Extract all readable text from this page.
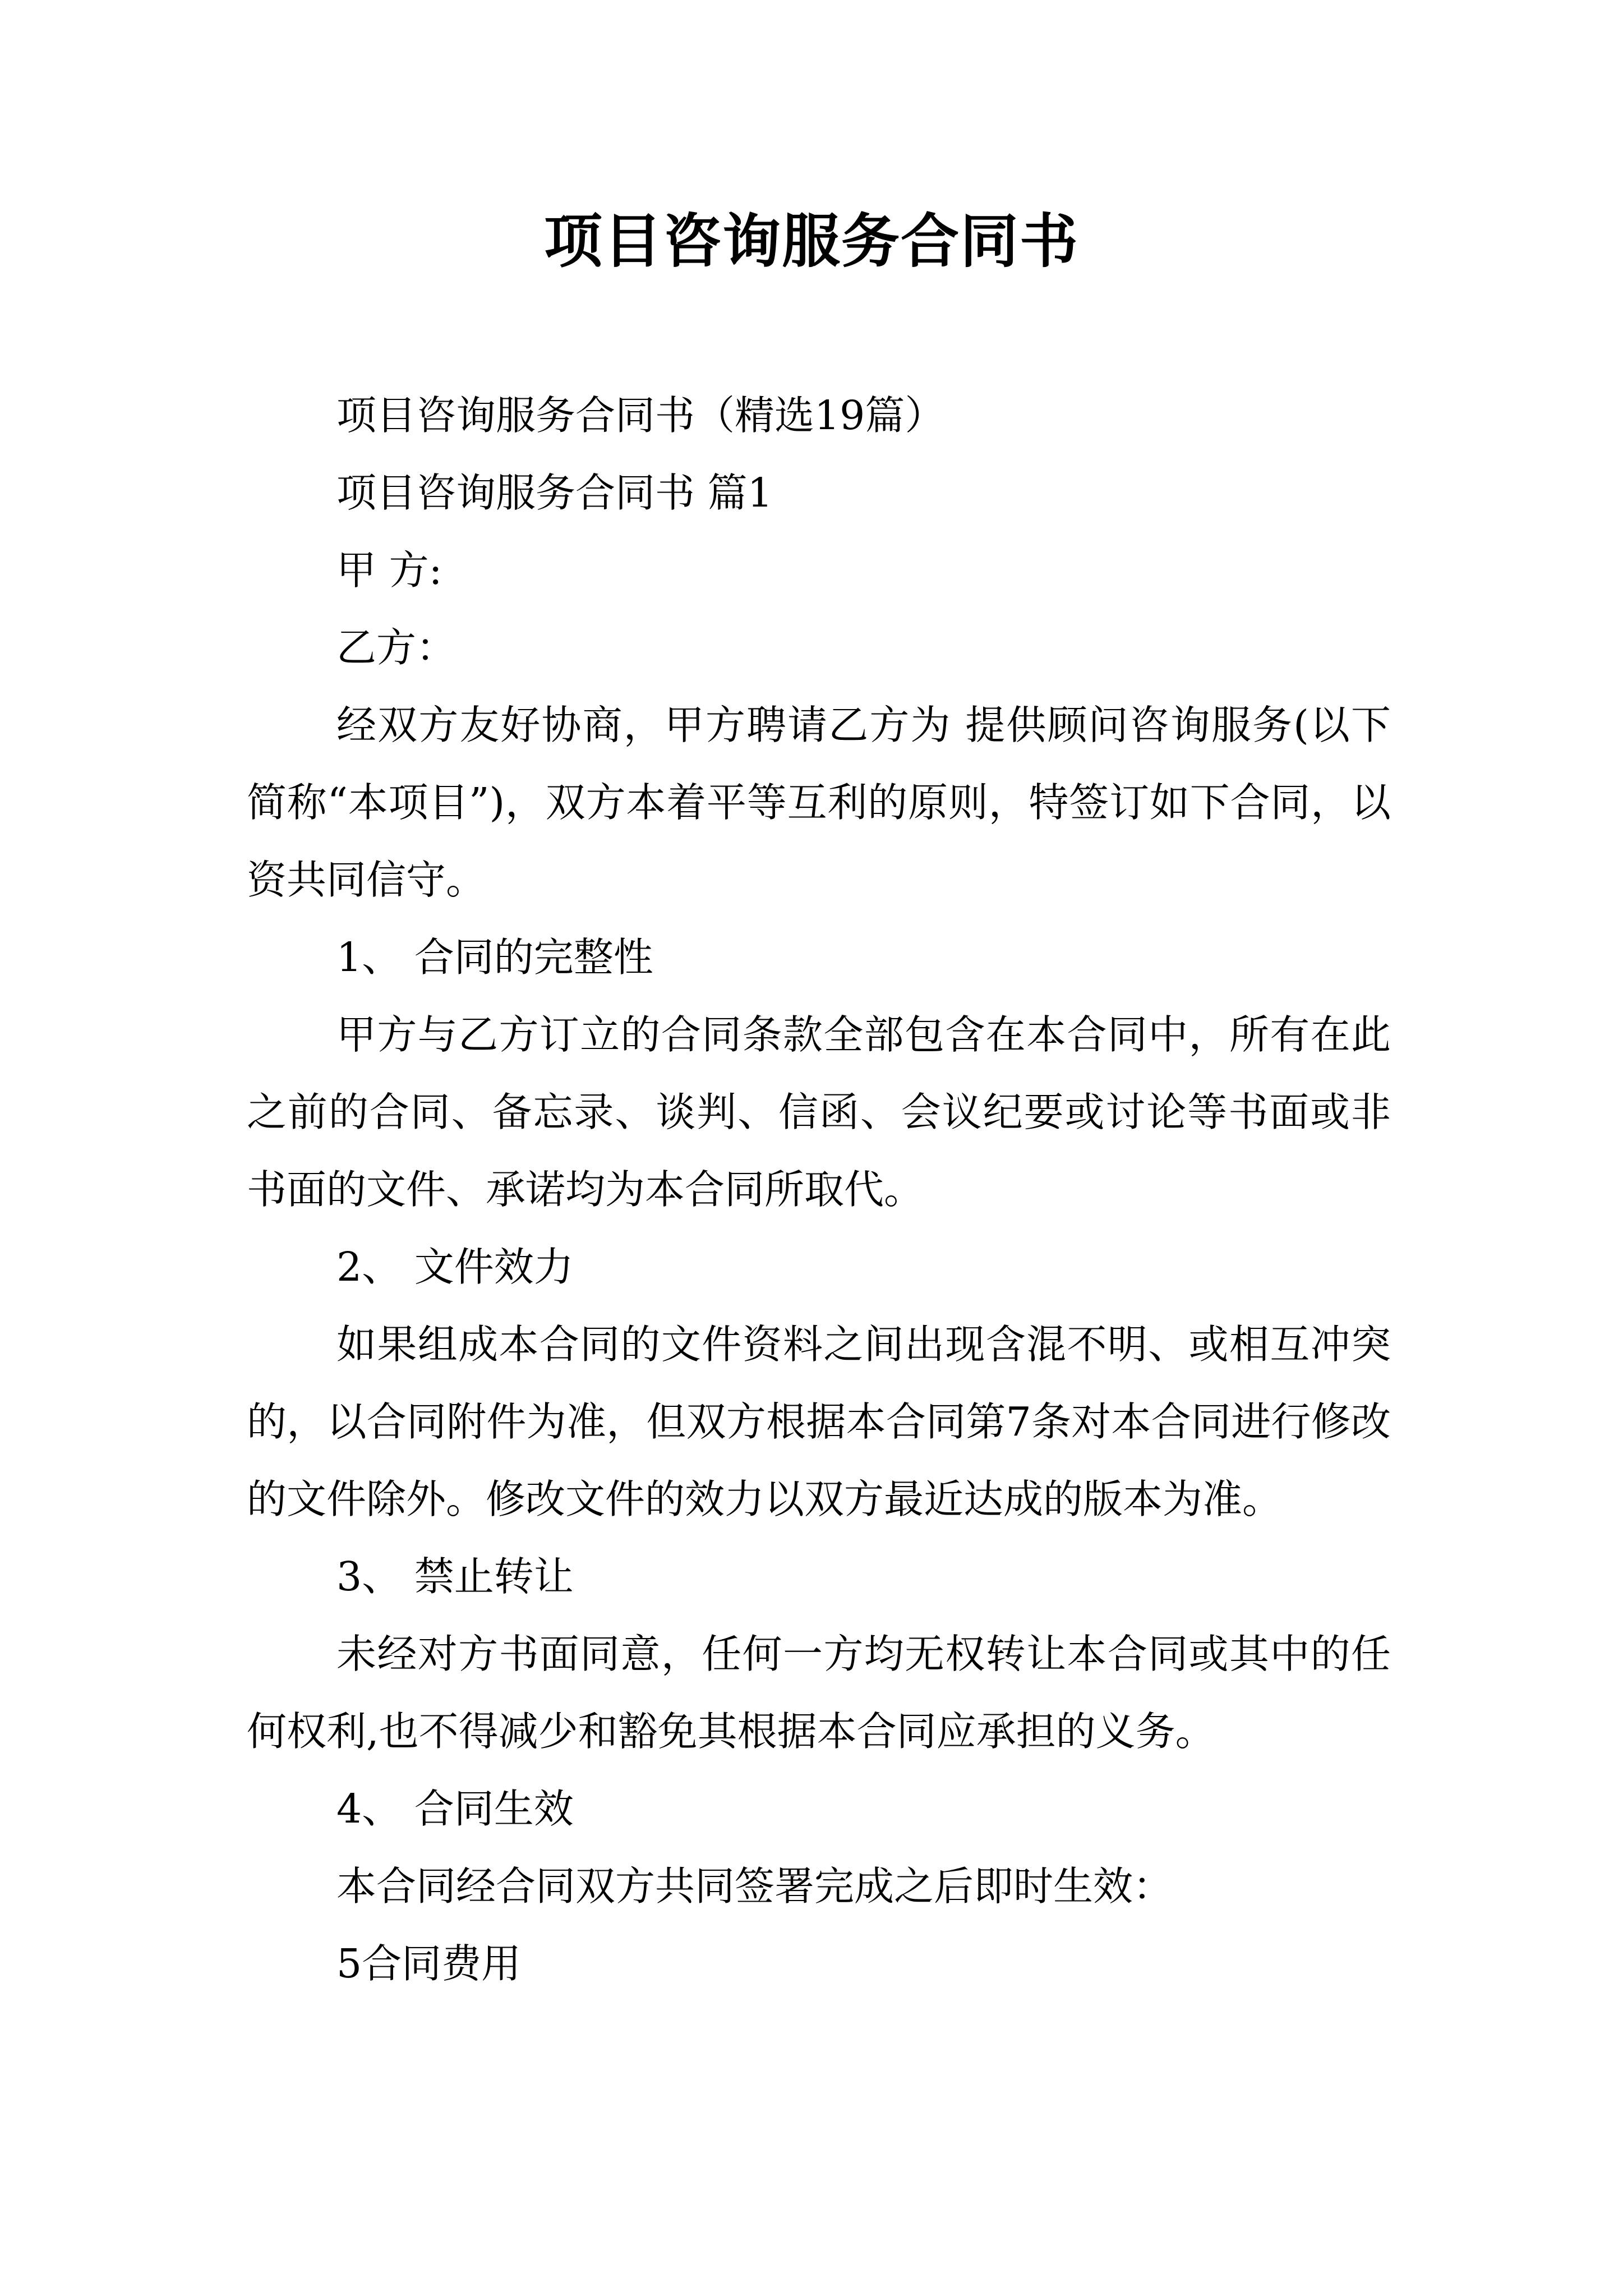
项目咨询服务合同书

项目咨询服务合同书（精选19篇）

项目咨询服务合同书 篇1

甲 方:

乙方：

经双方友好协商，甲方聘请乙方为 提供顾问咨询服务(以下简称“本项目”)，双方本着平等互利的原则，特签订如下合同，以资共同信守。

1、 合同的完整性

甲方与乙方订立的合同条款全部包含在本合同中，所有在此之前的合同、备忘录、谈判、信函、会议纪要或讨论等书面或非书面的文件、承诺均为本合同所取代。

2、 文件效力

如果组成本合同的文件资料之间出现含混不明、或相互冲突的，以合同附件为准，但双方根据本合同第7条对本合同进行修改的文件除外。修改文件的效力以双方最近达成的版本为准。

3、 禁止转让

未经对方书面同意，任何一方均无权转让本合同或其中的任何权利,也不得减少和豁免其根据本合同应承担的义务。

4、 合同生效

本合同经合同双方共同签署完成之后即时生效：

5合同费用
